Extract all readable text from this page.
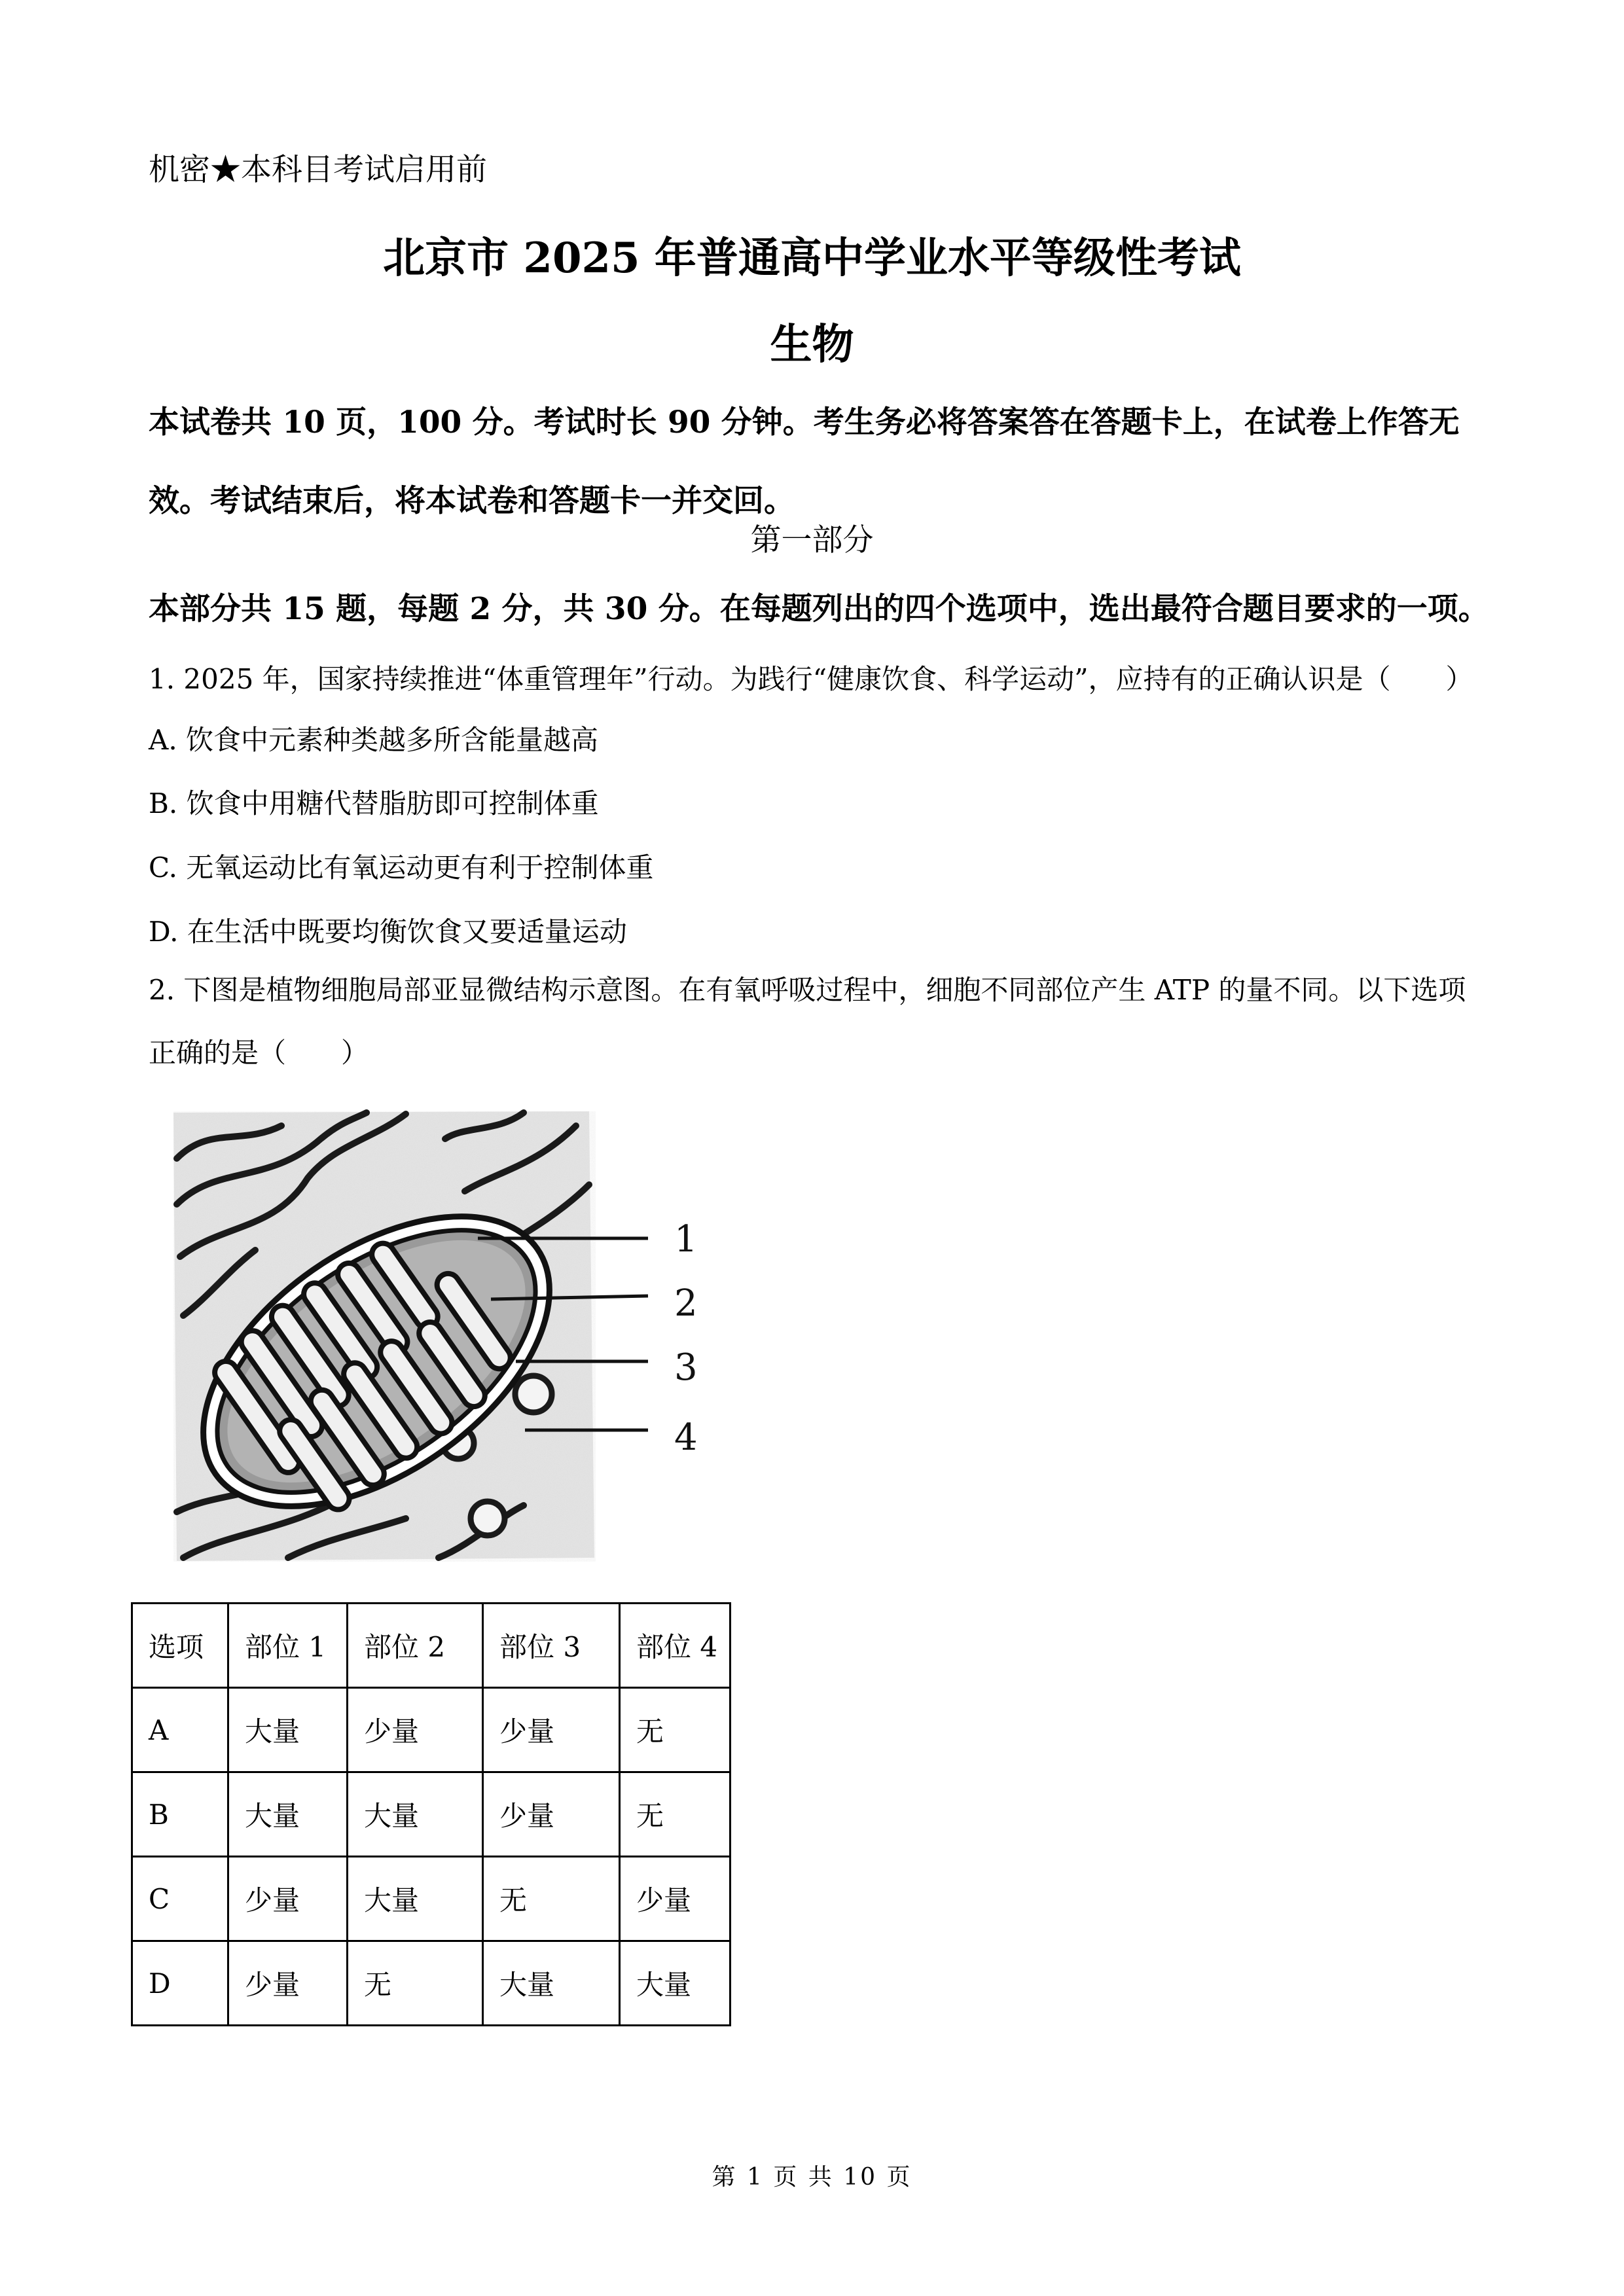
机密★本科目考试启用前
北京市 2025 年普通高中学业水平等级性考试
生物
本试卷共 10 页，100 分。考试时长 90 分钟。考生务必将答案答在答题卡上，在试卷上作答无效。考试结束后，将本试卷和答题卡一并交回。
第一部分
本部分共 15 题，每题 2 分，共 30 分。在每题列出的四个选项中，选出最符合题目要求的一项。
1. 2025 年，国家持续推进“体重管理年”行动。为践行“健康饮食、科学运动”，应持有的正确认识是（　　）
A. 饮食中元素种类越多所含能量越高
B. 饮食中用糖代替脂肪即可控制体重
C. 无氧运动比有氧运动更有利于控制体重
D. 在生活中既要均衡饮食又要适量运动
2. 下图是植物细胞局部亚显微结构示意图。在有氧呼吸过程中，细胞不同部位产生 ATP 的量不同。以下选项正确的是（　　）
1
2
3
4
选项	部位 1	部位 2	部位 3	部位 4
A	大量	少量	少量	无
B	大量	大量	少量	无
C	少量	大量	无	少量
D	少量	无	大量	大量
第 1 页 共 10 页
